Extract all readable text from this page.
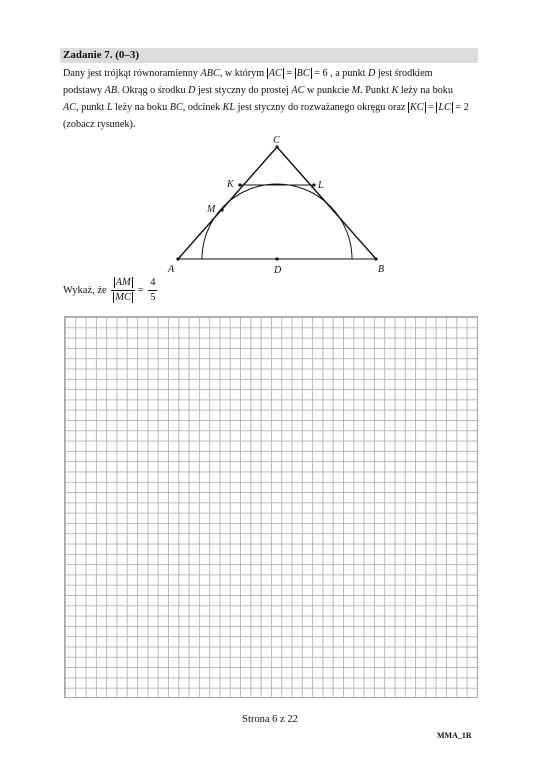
Zadanie 7. (0–3)
Dany jest trójkąt równoramienny ABC, w którym AC = BC = 6 , a punkt D jest środkiem
podstawy AB. Okrąg o środku D jest styczny do prostej AC w punkcie M. Punkt K leży na boku
AC, punkt L leży na boku BC, odcinek KL jest styczny do rozważanego okręgu oraz KC = LC = 2
(zobacz rysunek).
C
K	L
M
A	D	B
Wykaż, że $\frac{AM}{MC} = \frac{4}{5}$
Strona 6 z 22
MMA_1R
